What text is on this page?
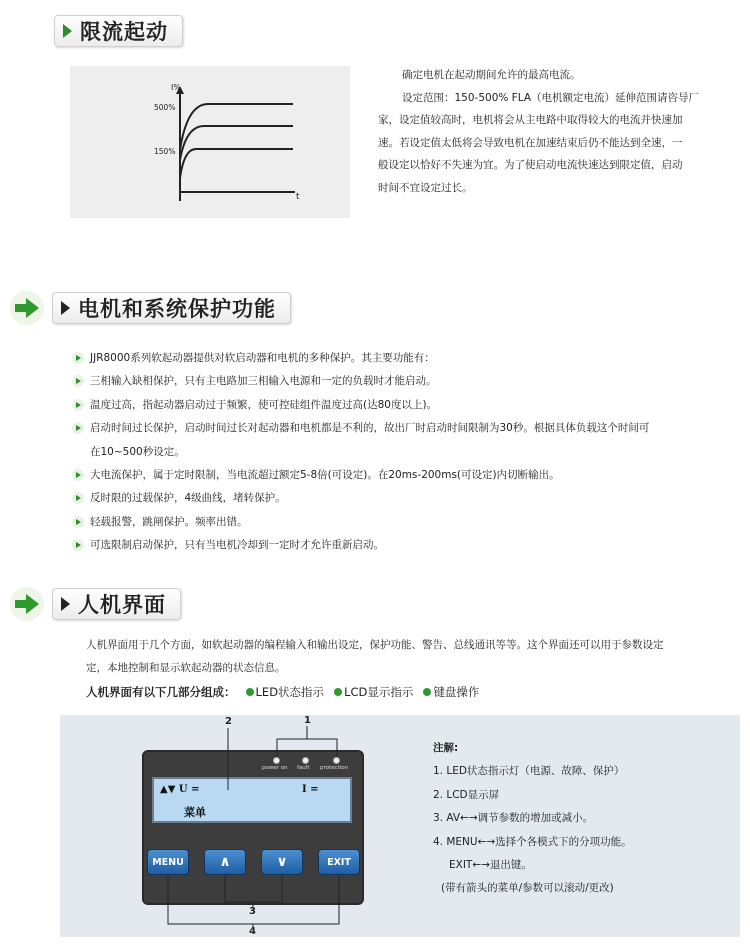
限流起动
I%
500%
150%
t
确定电机在起动期间允许的最高电流。
设定范围：150-500% FLA（电机额定电流）延伸范围请咨导厂
家，设定值较高时，电机将会从主电路中取得较大的电流并快速加
速。若设定值太低将会导致电机在加速结束后仍不能达到全速，一
般设定以恰好不失速为宜。为了使启动电流快速达到限定值，启动
时间不宜设定过长。
电机和系统保护功能
JJR8000系列软起动器提供对软启动器和电机的多种保护。其主要功能有：
三相输入缺相保护，只有主电路加三相输入电源和一定的负载时才能启动。
温度过高，指起动器启动过于频繁，使可控硅组件温度过高(达80度以上)。
启动时间过长保护，启动时间过长对起动器和电机都是不利的，故出厂时启动时间限制为30秒。根据具体负载这个时间可
在10~500秒设定。
大电流保护，属于定时限制，当电流超过额定5-8倍(可设定)。在20ms-200ms(可设定)内切断输出。
反时限的过载保护，4级曲线，堵转保护。
轻载报警，跳闸保护。频率出错。
可选限制启动保护，只有当电机冷却到一定时才允许重新启动。
人机界面
人机界面用于几个方面，如软起动器的编程输入和输出设定，保护功能、警告、总线通讯等等。这个界面还可以用于参数设定
定，本地控制和显示软起动器的状态信息。
人机界面有以下几部分组成： LED状态指示 LCD显示指示 键盘操作
power on fault protection
▲▼ U =	I =
菜单
MENU	∧	∨	EXIT
2	1
3
4
注解:
1. LED状态指示灯（电源、故障、保护）
2. LCD显示屏
3. AV←→调节参数的增加或减小。
4. MENU←→选择个各模式下的分项功能。
EXIT←→退出键。
(带有箭头的菜单/参数可以滚动/更改)
